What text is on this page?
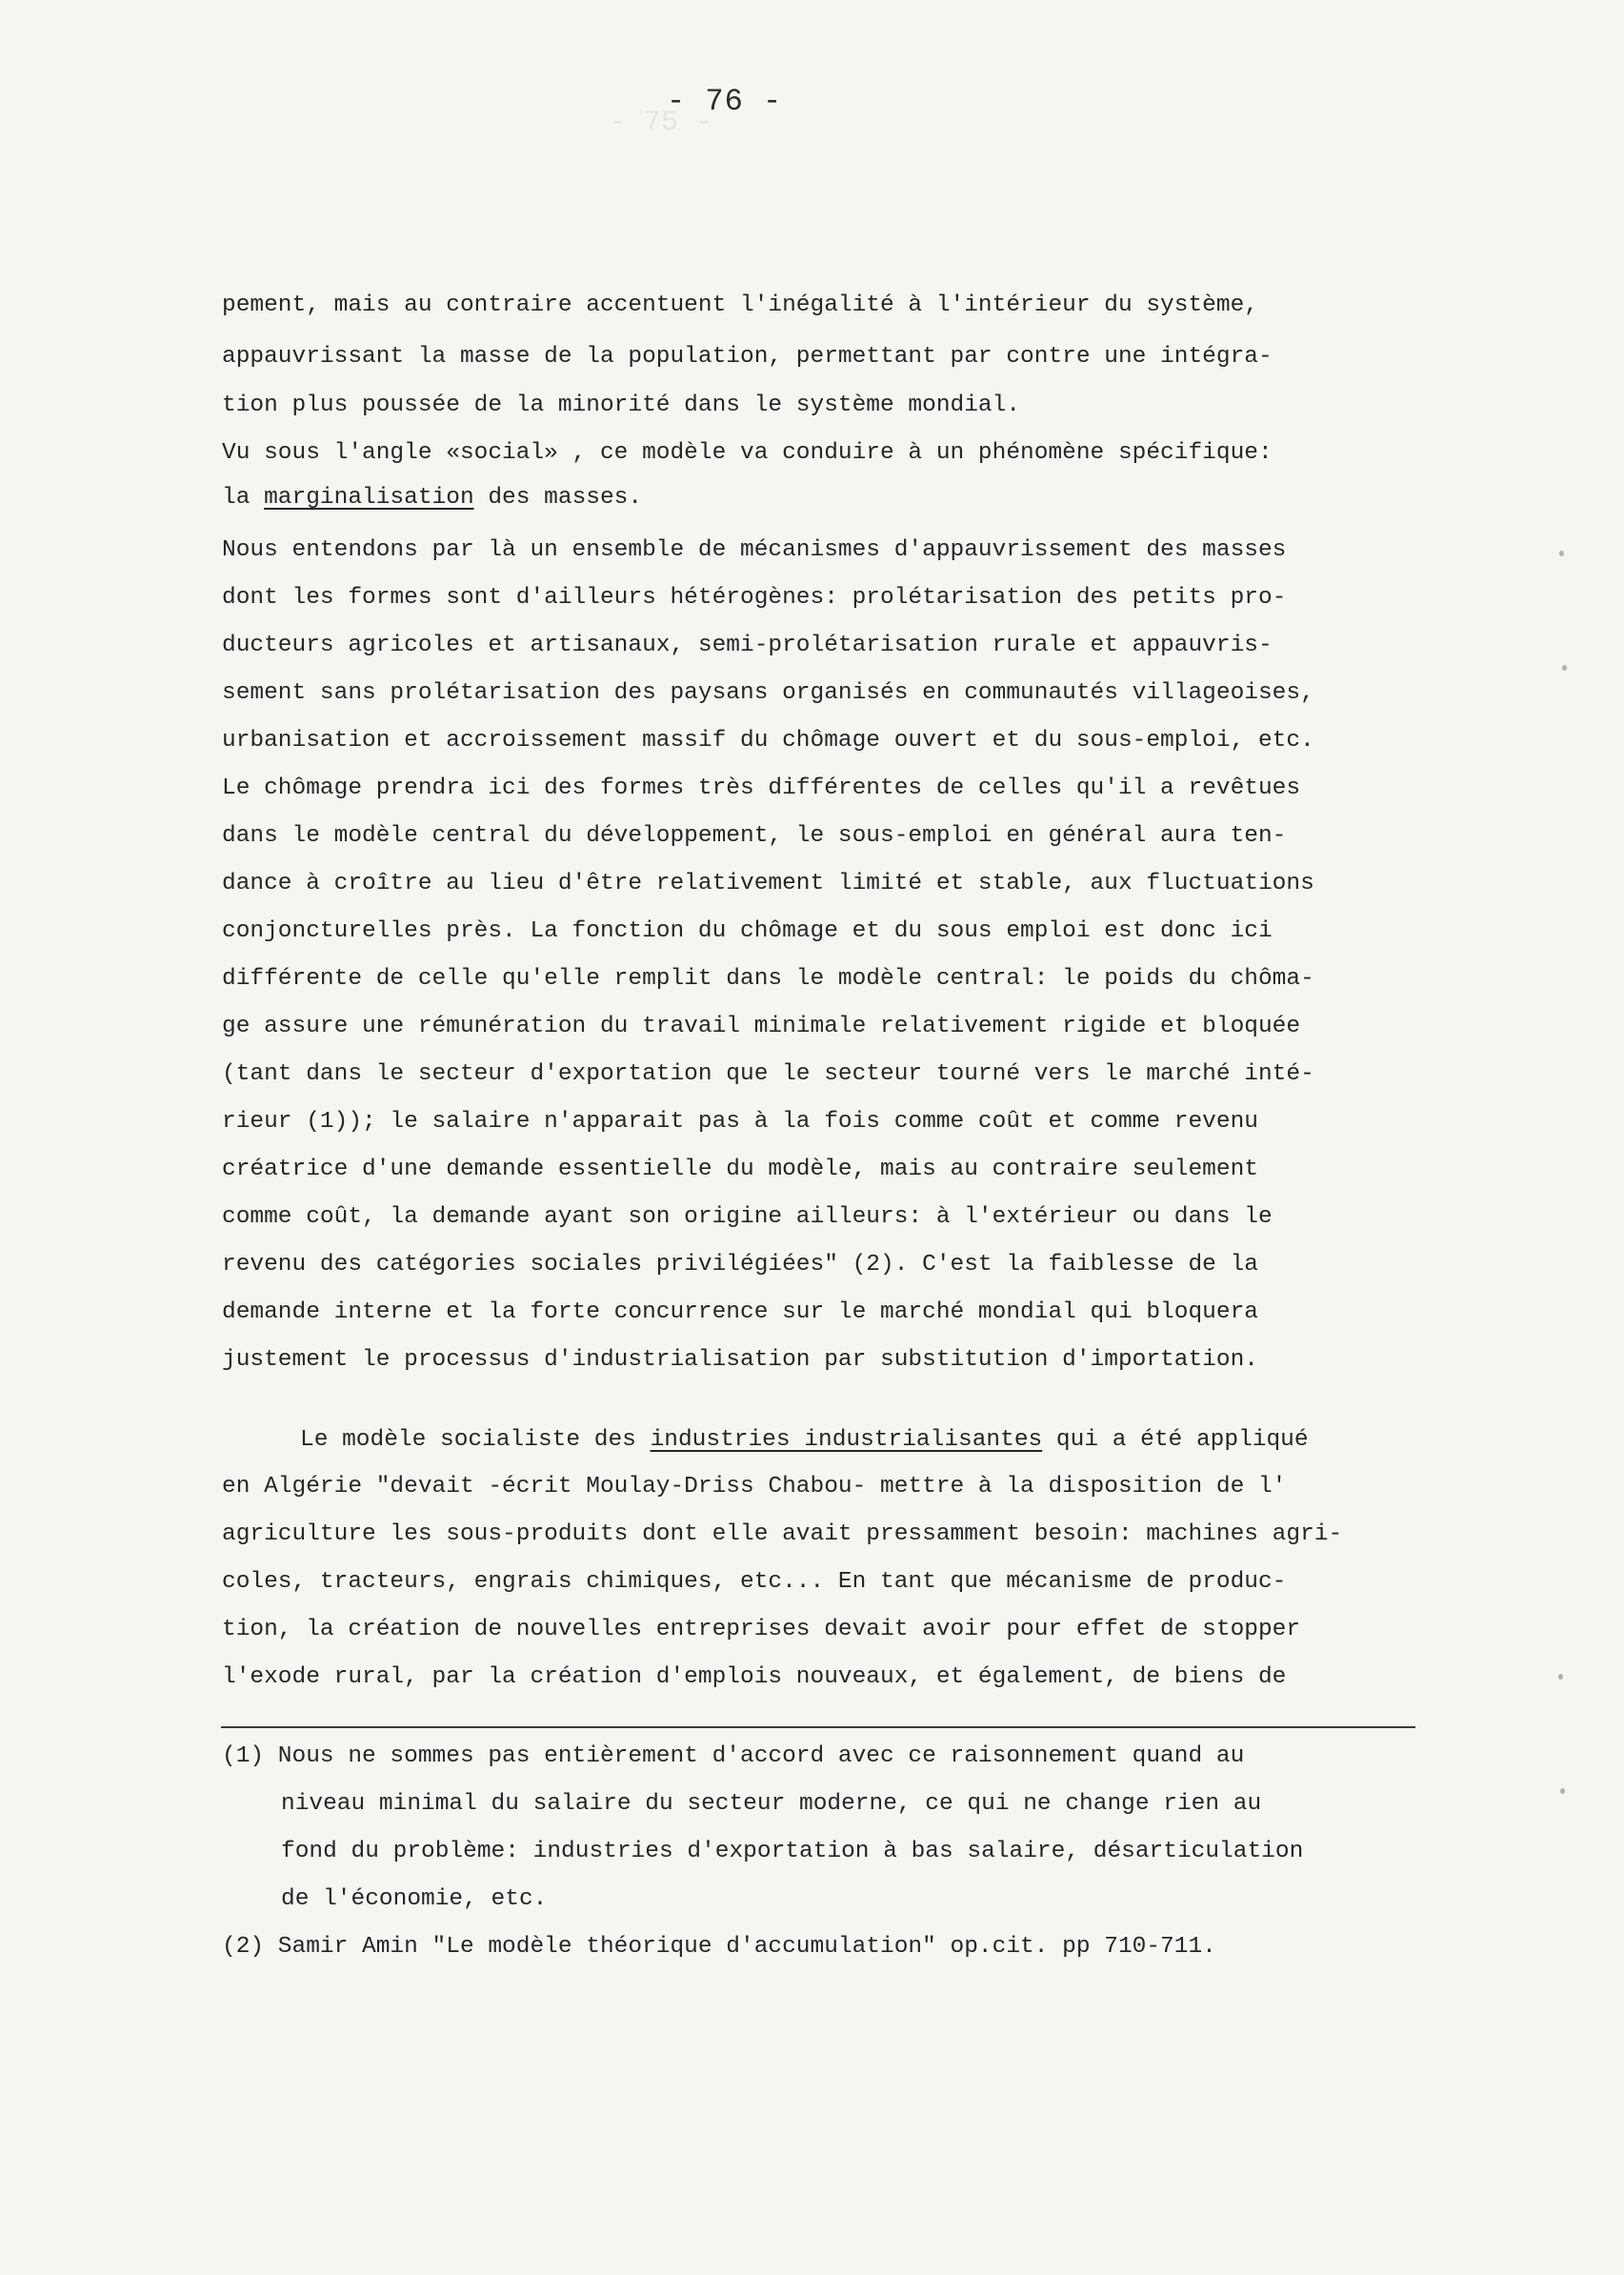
- 75 -
- 76 -
pement, mais au contraire accentuent l'inégalité à l'intérieur du système,
appauvrissant la masse de la population, permettant par contre une intégra-
tion plus poussée de la minorité dans le système mondial.
Vu sous l'angle «social» , ce modèle va conduire à un phénomène spécifique:
la marginalisation des masses.
Nous entendons par là un ensemble de mécanismes d'appauvrissement des masses
dont les formes sont d'ailleurs hétérogènes: prolétarisation des petits pro-
ducteurs agricoles et artisanaux, semi-prolétarisation rurale et appauvris-
sement sans prolétarisation des paysans organisés en communautés villageoises,
urbanisation et accroissement massif du chômage ouvert et du sous-emploi, etc.
Le chômage prendra ici des formes très différentes de celles qu'il a revêtues
dans le modèle central du développement, le sous-emploi en général aura ten-
dance à croître au lieu d'être relativement limité et stable, aux fluctuations
conjoncturelles près. La fonction du chômage et du sous emploi est donc ici
différente de celle qu'elle remplit dans le modèle central: le poids du chôma-
ge assure une rémunération du travail minimale relativement rigide et bloquée
(tant dans le secteur d'exportation que le secteur tourné vers le marché inté-
rieur (1)); le salaire n'apparait pas à la fois comme coût et comme revenu
créatrice d'une demande essentielle du modèle, mais au contraire seulement
comme coût, la demande ayant son origine ailleurs: à l'extérieur ou dans le
revenu des catégories sociales privilégiées" (2). C'est la faiblesse de la
demande interne et la forte concurrence sur le marché mondial qui bloquera
justement le processus d'industrialisation par substitution d'importation.
Le modèle socialiste des industries industrialisantes qui a été appliqué
en Algérie "devait -écrit Moulay-Driss Chabou- mettre à la disposition de l'
agriculture les sous-produits dont elle avait pressamment besoin: machines agri-
coles, tracteurs, engrais chimiques, etc... En tant que mécanisme de produc-
tion, la création de nouvelles entreprises devait avoir pour effet de stopper
l'exode rural, par la création d'emplois nouveaux, et également, de biens de
(1) Nous ne sommes pas entièrement d'accord avec ce raisonnement quand au
niveau minimal du salaire du secteur moderne, ce qui ne change rien au
fond du problème: industries d'exportation à bas salaire, désarticulation
de l'économie, etc.
(2) Samir Amin "Le modèle théorique d'accumulation" op.cit. pp 710-711.
